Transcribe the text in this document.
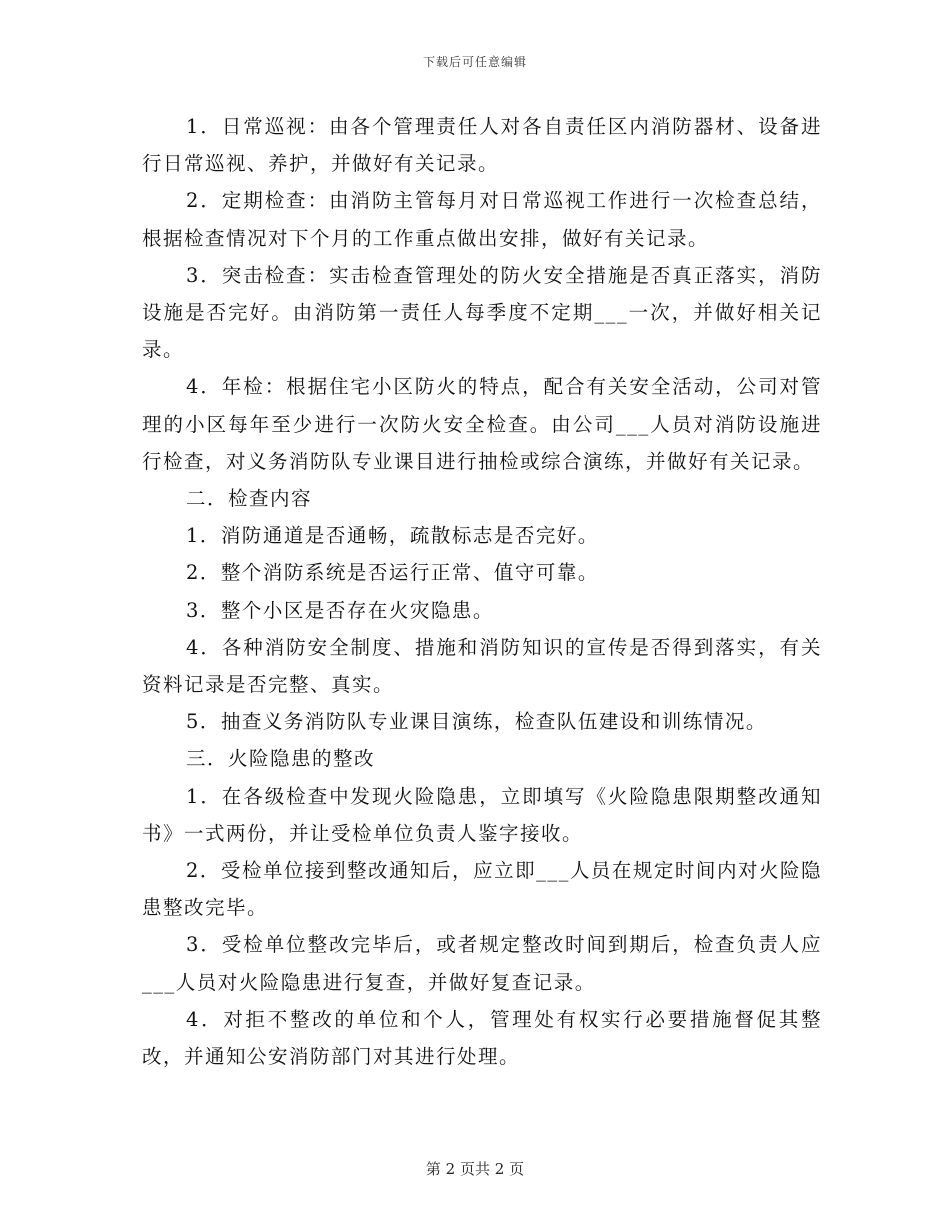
下载后可任意编辑

1．日常巡视：由各个管理责任人对各自责任区内消防器材、设备进行日常巡视、养护，并做好有关记录。

2．定期检查：由消防主管每月对日常巡视工作进行一次检查总结，根据检查情况对下个月的工作重点做出安排，做好有关记录。

3．突击检查：实击检查管理处的防火安全措施是否真正落实，消防设施是否完好。由消防第一责任人每季度不定期___一次，并做好相关记录。

4．年检：根据住宅小区防火的特点，配合有关安全活动，公司对管理的小区每年至少进行一次防火安全检查。由公司___人员对消防设施进行检查，对义务消防队专业课目进行抽检或综合演练，并做好有关记录。

二．检查内容

1．消防通道是否通畅，疏散标志是否完好。

2．整个消防系统是否运行正常、值守可靠。

3．整个小区是否存在火灾隐患。

4．各种消防安全制度、措施和消防知识的宣传是否得到落实，有关资料记录是否完整、真实。

5．抽查义务消防队专业课目演练，检查队伍建设和训练情况。

三．火险隐患的整改

1．在各级检查中发现火险隐患，立即填写《火险隐患限期整改通知书》一式两份，并让受检单位负责人鉴字接收。

2．受检单位接到整改通知后，应立即___人员在规定时间内对火险隐患整改完毕。

3．受检单位整改完毕后，或者规定整改时间到期后，检查负责人应___人员对火险隐患进行复查，并做好复查记录。

4．对拒不整改的单位和个人，管理处有权实行必要措施督促其整改，并通知公安消防部门对其进行处理。

第 2 页共 2 页
